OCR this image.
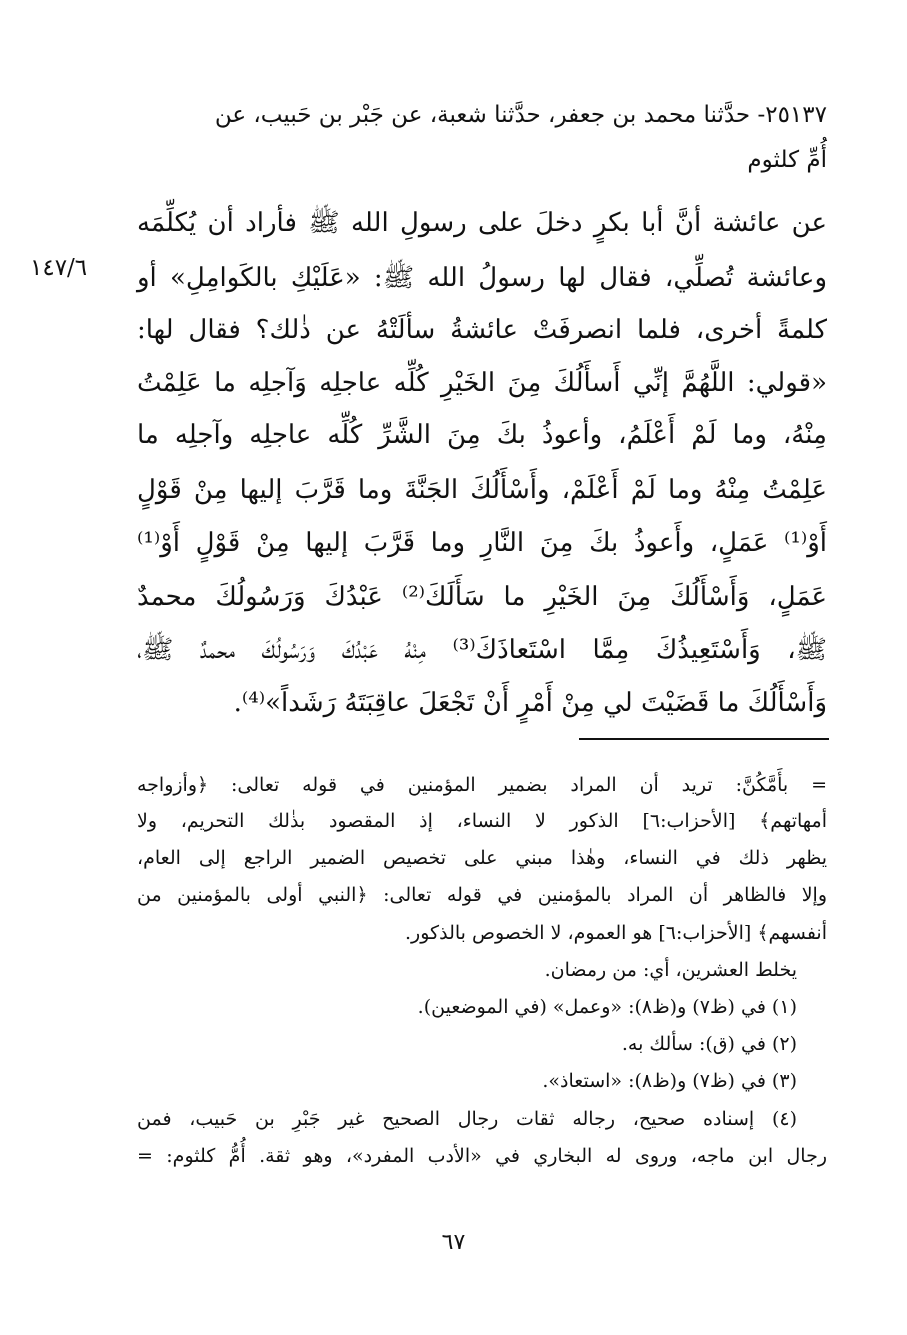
٢٥١٣٧- حدَّثنا محمد بن جعفر، حدَّثنا شعبة، عن جَبْر بن حَبيب، عن
أُمِّ كلثوم
١٤٧/٦
عن عائشة أنَّ أبا بكرٍ دخلَ على رسولِ الله ﷺ فأراد أن يُكلِّمَه
وعائشة تُصلِّي، فقال لها رسولُ الله ﷺ: «عَلَيْكِ بالكَوامِلِ» أو
كلمةً أخرى، فلما انصرفَتْ عائشةُ سألَتْهُ عن ذٰلك؟ فقال لها:
«قولي: اللَّهُمَّ إنِّي أَسأَلُكَ مِنَ الخَيْرِ كُلِّه عاجلِه وَآجلِه ما عَلِمْتُ
مِنْهُ، وما لَمْ أَعْلَمُ، وأعوذُ بكَ مِنَ الشَّرِّ كُلِّه عاجلِه وآجلِه ما
عَلِمْتُ مِنْهُ وما لَمْ أَعْلَمْ، وأَسْأَلُكَ الجَنَّةَ وما قَرَّبَ إليها مِنْ قَوْلٍ
أَوْ⁽¹⁾ عَمَلٍ، وأَعوذُ بكَ مِنَ النَّارِ وما قَرَّبَ إليها مِنْ قَوْلٍ أَوْ⁽¹⁾
عَمَلٍ، وَأَسْأَلُكَ مِنَ الخَيْرِ ما سَأَلَكَ⁽²⁾ عَبْدُكَ وَرَسُولُكَ محمدٌ
ﷺ، وَأَسْتَعِيذُكَ مِمَّا اسْتَعاذَكَ⁽³⁾ مِنْهُ عَبْدُكَ وَرَسُولُكَ محمدٌ ﷺ،
وَأَسْأَلُكَ ما قَضَيْتَ لي مِنْ أَمْرٍ أَنْ تَجْعَلَ عاقِبَتَهُ رَشَداً»⁽⁴⁾.
= بأَمَّكُنَّ: تريد أن المراد بضمير المؤمنين في قوله تعالى: ﴿وأزواجه
أمهاتهم﴾ [الأحزاب:٦] الذكور لا النساء، إذ المقصود بذٰلك التحريم، ولا
يظهر ذلك في النساء، وهٰذا مبني على تخصيص الضمير الراجع إلى العام،
وإلا فالظاهر أن المراد بالمؤمنين في قوله تعالى: ﴿النبي أولى بالمؤمنين من
أنفسهم﴾ [الأحزاب:٦] هو العموم، لا الخصوص بالذكور.
يخلط العشرين، أي: من رمضان.
(١) في (ظ٧) و(ظ٨): «وعمل» (في الموضعين).
(٢) في (ق): سألك به.
(٣) في (ظ٧) و(ظ٨): «استعاذ».
(٤) إسناده صحيح، رجاله ثقات رجال الصحيح غير جَبْرِ بن حَبيب، فمن
رجال ابن ماجه، وروى له البخاري في «الأدب المفرد»، وهو ثقة. أُمُّ كلثوم: =
٦٧
